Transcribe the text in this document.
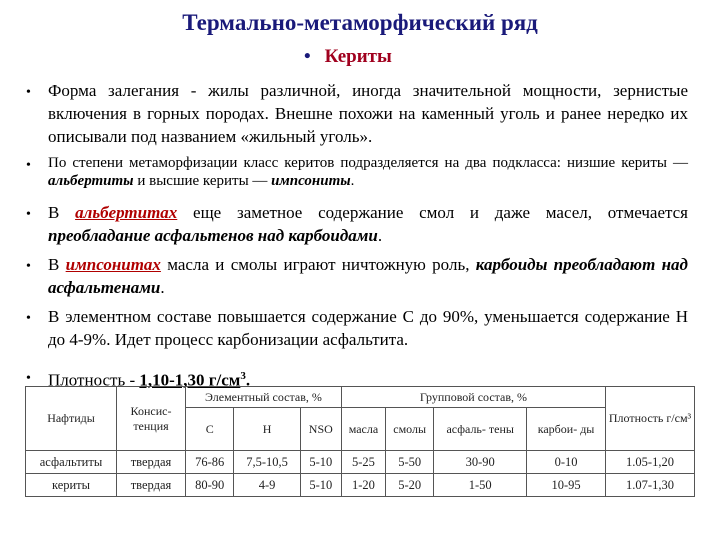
Термально-метаморфический ряд
• Кериты
• Форма залегания - жилы различной, иногда значительной мощности, зернистые включения в горных породах. Внешне похожи на каменный уголь и ранее нередко их описывали под названием «жильный уголь».
• По степени метаморфизации класс керитов подразделяется на два подкласса: низшие кериты — альбертиты и высшие кериты — импсониты.
• В альбертитах еще заметное содержание смол и даже масел, отмечается преобладание асфальтенов над карбоидами.
• В импсонитах масла и смолы играют ничтожную роль, карбоиды преобладают над асфальтенами.
• В элементном составе повышается содержание С до 90%, уменьшается содержание Н до 4-9%. Идет процесс карбонизации асфальтита.
• Плотность - 1,10-1,30 $г/см^3$.
Нафтиды	Консис- тенция	Элементный состав, %			Групповой состав, %				Плотность г/см³
		C	H	NSO	масла	смолы	асфаль- тены	карбои- ды	
асфальтиты	твердая	76-86	7,5-10,5	5-10	5-25	5-50	30-90	0-10	1.05-1,20
кериты	твердая	80-90	4-9	5-10	1-20	5-20	1-50	10-95	1.07-1,30
